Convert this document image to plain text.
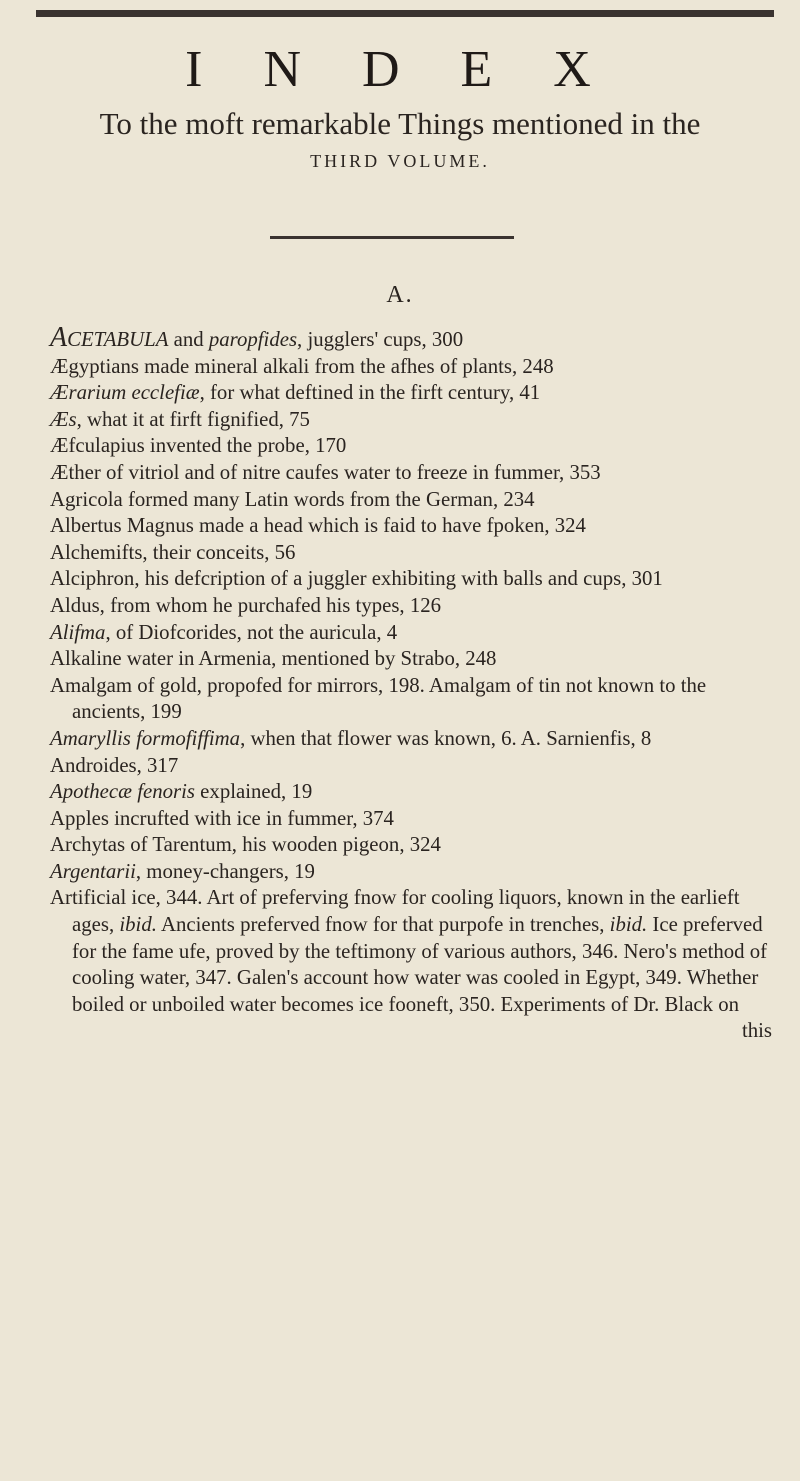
I N D E X
To the moft remarkable Things mentioned in the
THIRD VOLUME.
A.

ACETABULA and paropfides, jugglers' cups, 300

Ægyptians made mineral alkali from the afhes of plants, 248

Ærarium ecclefiæ, for what deftined in the firft century, 41

Æs, what it at firft fignified, 75

Æfculapius invented the probe, 170

Æther of vitriol and of nitre caufes water to freeze in fummer, 353

Agricola formed many Latin words from the German, 234

Albertus Magnus made a head which is faid to have fpoken, 324

Alchemifts, their conceits, 56

Alciphron, his defcription of a juggler exhibiting with balls and cups, 301

Aldus, from whom he purchafed his types, 126

Alifma, of Diofcorides, not the auricula, 4

Alkaline water in Armenia, mentioned by Strabo, 248

Amalgam of gold, propofed for mirrors, 198. Amalgam of tin not known to the ancients, 199

Amaryllis formofiffima, when that flower was known, 6. A. Sarnienfis, 8

Androides, 317

Apothecæ fenoris explained, 19

Apples incrufted with ice in fummer, 374

Archytas of Tarentum, his wooden pigeon, 324

Argentarii, money-changers, 19

Artificial ice, 344. Art of preferving fnow for cooling liquors, known in the earlieft ages, ibid. Ancients preferved fnow for that purpofe in trenches, ibid. Ice preferved for the fame ufe, proved by the teftimony of various authors, 346. Nero's method of cooling water, 347. Galen's account how water was cooled in Egypt, 349. Whether boiled or unboiled water becomes ice fooneft, 350. Experiments of Dr. Black on

this
